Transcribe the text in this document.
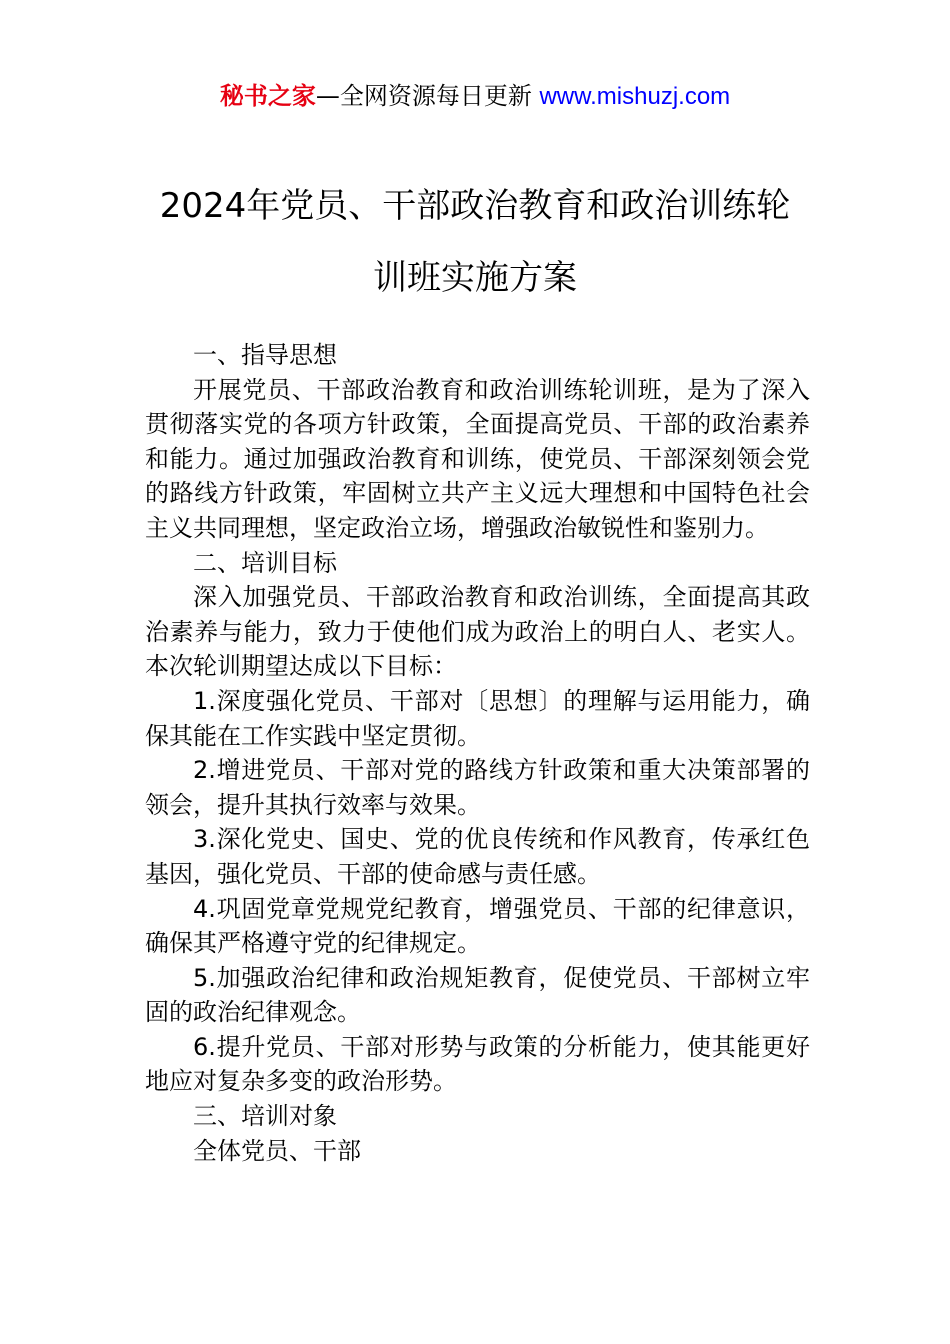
秘书之家—全网资源每日更新 www.mishuzj.com
2024年党员、干部政治教育和政治训练轮
训班实施方案

一、指导思想

开展党员、干部政治教育和政治训练轮训班，是为了深入贯彻落实党的各项方针政策，全面提高党员、干部的政治素养和能力。通过加强政治教育和训练，使党员、干部深刻领会党的路线方针政策，牢固树立共产主义远大理想和中国特色社会主义共同理想，坚定政治立场，增强政治敏锐性和鉴别力。

二、培训目标

深入加强党员、干部政治教育和政治训练，全面提高其政治素养与能力，致力于使他们成为政治上的明白人、老实人。本次轮训期望达成以下目标：

1.深度强化党员、干部对〔思想〕的理解与运用能力，确保其能在工作实践中坚定贯彻。

2.增进党员、干部对党的路线方针政策和重大决策部署的领会，提升其执行效率与效果。

3.深化党史、国史、党的优良传统和作风教育，传承红色基因，强化党员、干部的使命感与责任感。

4.巩固党章党规党纪教育，增强党员、干部的纪律意识，确保其严格遵守党的纪律规定。

5.加强政治纪律和政治规矩教育，促使党员、干部树立牢固的政治纪律观念。

6.提升党员、干部对形势与政策的分析能力，使其能更好地应对复杂多变的政治形势。

三、培训对象

全体党员、干部
